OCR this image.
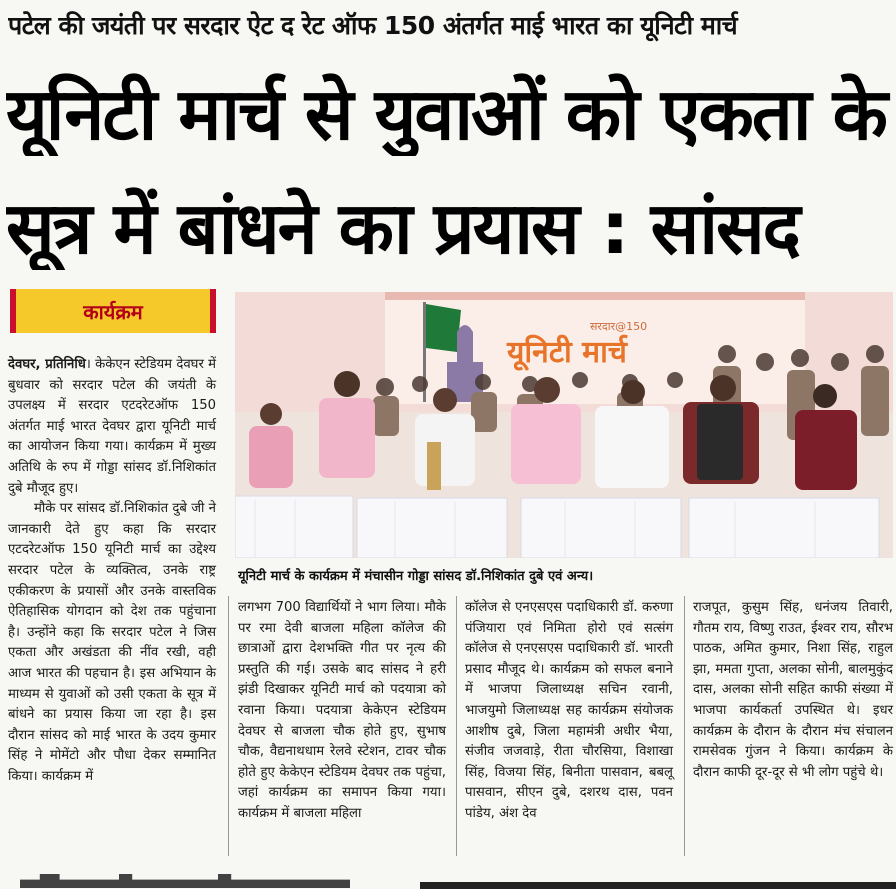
पटेल की जयंती पर सरदार ऐट द रेट ऑफ 150 अंतर्गत माई भारत का यूनिटी मार्च
यूनिटी मार्च से युवाओं को एकता के
सूत्र में बांधने का प्रयास : सांसद
कार्यक्रम
सरदार@150
यूनिटी मार्च
यूनिटी मार्च के कार्यक्रम में मंचासीन गोड्डा सांसद डॉ.निशिकांत दुबे एवं अन्य।

देवघर, प्रतिनिधि। केकेएन स्टेडियम देवघर में बुधवार को सरदार पटेल की जयंती के उपलक्ष्य में सरदार एटदरेटऑफ 150 अंतर्गत माई भारत देवघर द्वारा यूनिटी मार्च का आयोजन किया गया। कार्यक्रम में मुख्य अतिथि के रुप में गोड्डा सांसद डॉ.निशिकांत दुबे मौजूद हुए।

मौके पर सांसद डॉ.निशिकांत दुबे जी ने जानकारी देते हुए कहा कि सरदार एटदरेटऑफ 150 यूनिटी मार्च का उद्देश्य सरदार पटेल के व्यक्तित्व, उनके राष्ट्र एकीकरण के प्रयासों और उनके वास्तविक ऐतिहासिक योगदान को देश तक पहुंचाना है। उन्होंने कहा कि सरदार पटेल ने जिस एकता और अखंडता की नींव रखी, वही आज भारत की पहचान है। इस अभियान के माध्यम से युवाओं को उसी एकता के सूत्र में बांधने का प्रयास किया जा रहा है। इस दौरान सांसद को माई भारत के उदय कुमार सिंह ने मोमेंटो और पौधा देकर सम्मानित किया। कार्यक्रम में

लगभग 700 विद्यार्थियों ने भाग लिया। मौके पर रमा देवी बाजला महिला कॉलेज की छात्राओं द्वारा देशभक्ति गीत पर नृत्य की प्रस्तुति की गई। उसके बाद सांसद ने हरी झंडी दिखाकर यूनिटी मार्च को पदयात्रा को रवाना किया। पदयात्रा केकेएन स्टेडियम देवघर से बाजला चौक होते हुए, सुभाष चौक, वैद्यनाथधाम रेलवे स्टेशन, टावर चौक होते हुए केकेएन स्टेडियम देवघर तक पहुंचा, जहां कार्यक्रम का समापन किया गया। कार्यक्रम में बाजला महिला

कॉलेज से एनएसएस पदाधिकारी डॉ. करुणा पंजियारा एवं निमिता होरो एवं सत्संग कॉलेज से एनएसएस पदाधिकारी डॉ. भारती प्रसाद मौजूद थे। कार्यक्रम को सफल बनाने में भाजपा जिलाध्यक्ष सचिन रवानी, भाजयुमो जिलाध्यक्ष सह कार्यक्रम संयोजक आशीष दुबे, जिला महामंत्री अधीर भैया, संजीव जजवाड़े, रीता चौरसिया, विशाखा सिंह, विजया सिंह, बिनीता पासवान, बबलू पासवान, सीएन दुबे, दशरथ दास, पवन पांडेय, अंश देव

राजपूत, कुसुम सिंह, धनंजय तिवारी, गौतम राय, विष्णु राउत, ईश्वर राय, सौरभ पाठक, अमित कुमार, निशा सिंह, राहुल झा, ममता गुप्ता, अलका सोनी, बालमुकुंद दास, अलका सोनी सहित काफी संख्या में भाजपा कार्यकर्ता उपस्थित थे। इधर कार्यक्रम के दौरान के दौरान मंच संचालन रामसेवक गुंजन ने किया। कार्यक्रम के दौरान काफी दूर-दूर से भी लोग पहुंचे थे।
